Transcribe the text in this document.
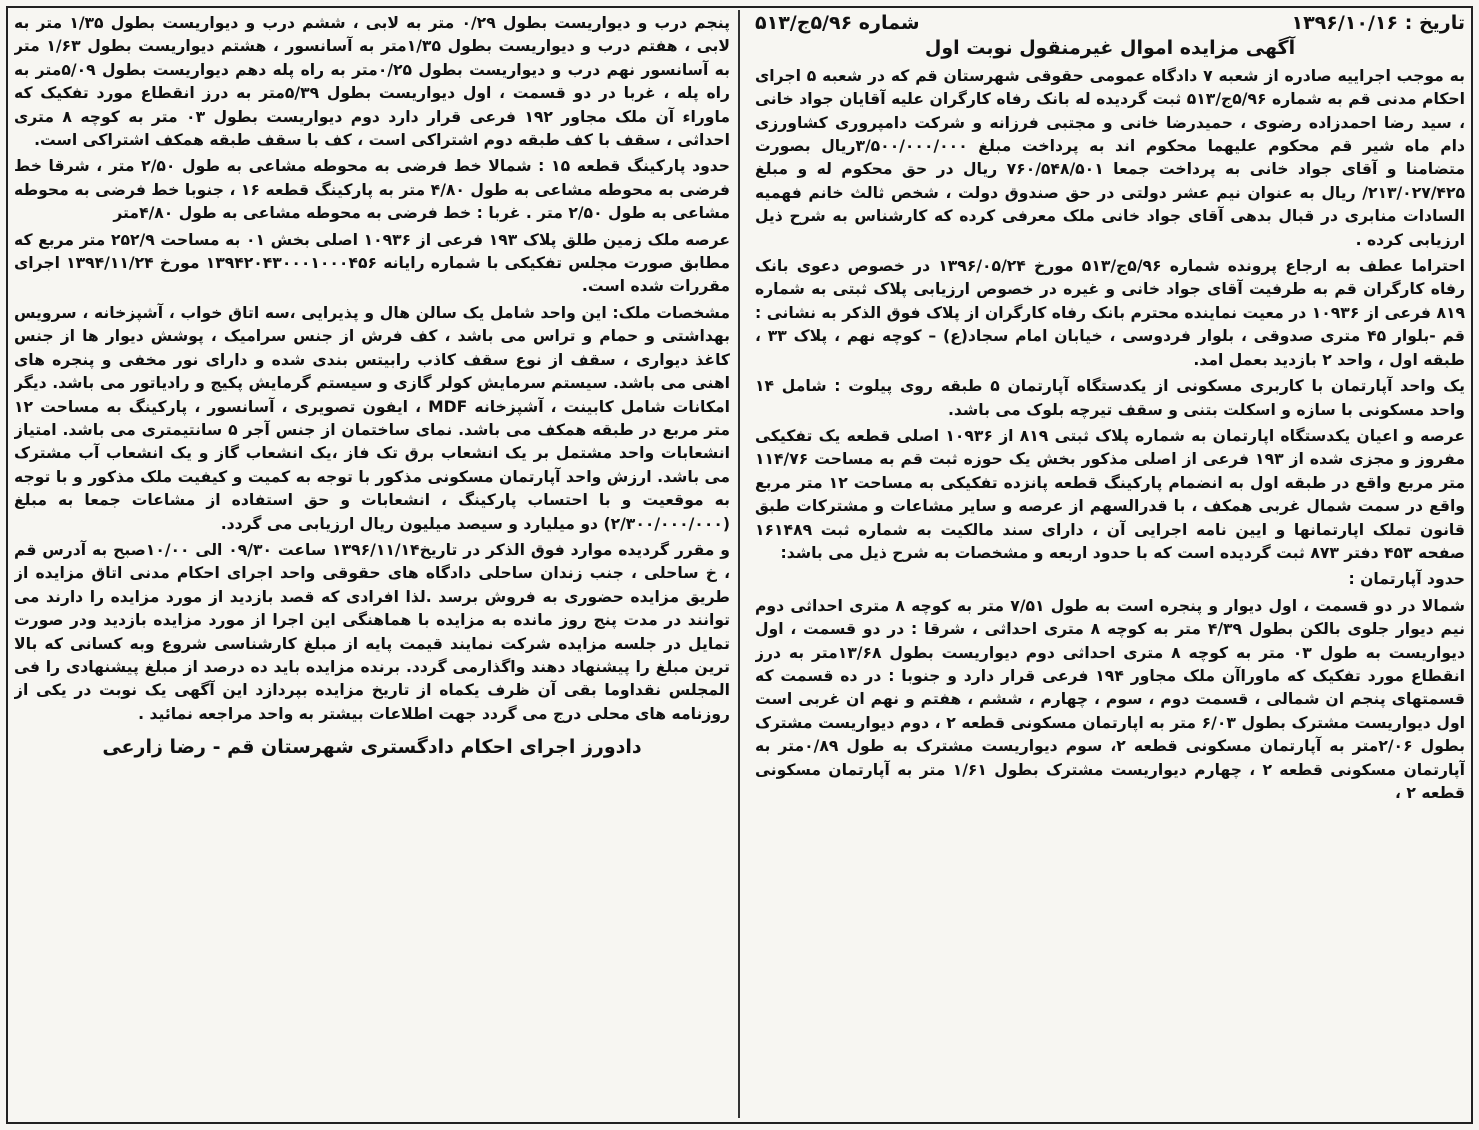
تاریخ : ۱۳۹۶/۱۰/۱۶
شماره ۵/۹۶ج/۵۱۳
آگهی مزایده اموال غیرمنقول نوبت اول

به موجب اجراییه صادره از شعبه ۷ دادگاه عمومی حقوقی شهرستان قم که در شعبه ۵ اجرای احکام مدنی قم به شماره ۵/۹۶ج/۵۱۳ ثبت گردیده له بانک رفاه کارگران علیه آقایان جواد خانی ، سید رضا احمدزاده رضوی ، حمیدرضا خانی و مجتبی فرزانه و شرکت دامپروری کشاورزی دام ماه شیر قم محکوم علیهما محکوم اند به پرداخت مبلغ ۳/۵۰۰/۰۰۰/۰۰۰ریال بصورت متضامنا و آقای جواد خانی به پرداخت جمعا ۷۶۰/۵۴۸/۵۰۱ ریال در حق محکوم له و مبلغ ۲۱۳/۰۲۷/۴۲۵/ ریال به عنوان نیم عشر دولتی در حق صندوق دولت ، شخص ثالث خانم فهمیه السادات منابری در قبال بدهی آقای جواد خانی ملک معرفی کرده که کارشناس به شرح ذیل ارزیابی کرده .

احتراما عطف به ارجاع پرونده شماره ۵/۹۶ج/۵۱۳ مورخ ۱۳۹۶/۰۵/۲۴ در خصوص دعوی بانک رفاه کارگران قم به طرفیت آقای جواد خانی و غیره در خصوص ارزیابی پلاک ثبتی به شماره ۸۱۹ فرعی از ۱۰۹۳۶ در معیت نماینده محترم بانک رفاه کارگران از پلاک فوق الذکر به نشانی : قم -بلوار ۴۵ متری صدوقی ، بلوار فردوسی ، خیابان امام سجاد(ع) – کوچه نهم ، پلاک ۳۳ ، طبقه اول ، واحد ۲ بازدید بعمل امد.

یک واحد آپارتمان با کاربری مسکونی از یکدستگاه آپارتمان ۵ طبقه روی پیلوت : شامل ۱۴ واحد مسکونی با سازه و اسکلت بتنی و سقف تیرچه بلوک می باشد.

عرصه و اعیان یکدستگاه اپارتمان به شماره پلاک ثبتی ۸۱۹ از ۱۰۹۳۶ اصلی قطعه یک تفکیکی مفروز و مجزی شده از ۱۹۳ فرعی از اصلی مذکور بخش یک حوزه ثبت قم به مساحت ۱۱۴/۷۶ متر مربع واقع در طبقه اول به انضمام پارکینگ قطعه پانزده تفکیکی به مساحت ۱۲ متر مربع واقع در سمت شمال غربی همکف ، با قدرالسهم از عرصه و سایر مشاعات و مشترکات طبق قانون تملک اپارتمانها و ایین نامه اجرایی آن ، دارای سند مالکیت به شماره ثبت ۱۶۱۴۸۹ صفحه ۴۵۳ دفتر ۸۷۳ ثبت گردیده است که با حدود اربعه و مشخصات به شرح ذیل می باشد:

حدود آپارتمان :

شمالا در دو قسمت ، اول دیوار و پنجره است به طول ۷/۵۱ متر به کوچه ۸ متری احداثی دوم نیم دیوار جلوی بالکن بطول ۴/۳۹ متر به کوچه ۸ متری احداثی ، شرقا : در دو قسمت ، اول دیواریست به طول ۰۳ متر به کوچه ۸ متری احداثی دوم دیواریست بطول ۱۳/۶۸متر به درز انقطاع مورد تفکیک که ماوراآن ملک مجاور ۱۹۴ فرعی قرار دارد و جنوبا : در ده قسمت که قسمتهای پنجم ان شمالی ، قسمت دوم ، سوم ، چهارم ، ششم ، هفتم و نهم ان غربی است اول دیواریست مشترک بطول ۶/۰۳ متر به اپارتمان مسکونی قطعه ۲ ، دوم دیواریست مشترک بطول ۲/۰۶متر به آپارتمان مسکونی قطعه ۲، سوم دیواریست مشترک به طول ۰/۸۹متر به آپارتمان مسکونی قطعه ۲ ، چهارم دیواریست مشترک بطول ۱/۶۱ متر به آپارتمان مسکونی قطعه ۲ ،

پنجم درب و دیواریست بطول ۰/۲۹ متر به لابی ، ششم درب و دیواریست بطول ۱/۳۵ متر به لابی ، هفتم درب و دیواریست بطول ۱/۳۵متر به آسانسور ، هشتم دیواریست بطول ۱/۶۳ متر به آسانسور نهم درب و دیواریست بطول ۰/۲۵متر به راه پله دهم دیواریست بطول ۵/۰۹متر به راه پله ، غربا در دو قسمت ، اول دیواریست بطول ۵/۳۹متر به درز انقطاع مورد تفکیک که ماوراء آن ملک مجاور ۱۹۲ فرعی قرار دارد دوم دیواریست بطول ۰۳ متر به کوچه ۸ متری احداثی ، سقف با کف طبقه دوم اشتراکی است ، کف با سقف طبقه همکف اشتراکی است.

حدود پارکینگ قطعه ۱۵ : شمالا خط فرضی به محوطه مشاعی به طول ۲/۵۰ متر ، شرقا خط فرضی به محوطه مشاعی به طول ۴/۸۰ متر به پارکینگ قطعه ۱۶ ، جنوبا خط فرضی به محوطه مشاعی به طول ۲/۵۰ متر . غربا : خط فرضی به محوطه مشاعی به طول ۴/۸۰متر

عرصه ملک زمین طلق پلاک ۱۹۳ فرعی از ۱۰۹۳۶ اصلی بخش ۰۱ به مساحت ۲۵۲/۹ متر مربع که مطابق صورت مجلس تفکیکی با شماره رایانه ۱۳۹۴۲۰۴۳۰۰۰۱۰۰۰۴۵۶ مورخ ۱۳۹۴/۱۱/۲۴ اجرای مقررات شده است.

مشخصات ملک: این واحد شامل یک سالن هال و پذیرایی ،سه اتاق خواب ، آشپزخانه ، سرویس بهداشتی و حمام و تراس می باشد ، کف فرش از جنس سرامیک ، پوشش دیوار ها از جنس کاغذ دیواری ، سقف از نوع سقف کاذب رابیتس بندی شده و دارای نور مخفی و پنجره های اهنی می باشد. سیستم سرمایش کولر گازی و سیستم گرمایش پکیج و رادیاتور می باشد. دیگر امکانات شامل کابینت ، آشپزخانه MDF ، ایفون تصویری ، آسانسور ، پارکینگ به مساحت ۱۲ متر مربع در طبقه همکف می باشد. نمای ساختمان از جنس آجر ۵ سانتیمتری می باشد. امتیاز انشعابات واحد مشتمل بر یک انشعاب برق تک فاز ،یک انشعاب گاز و یک انشعاب آب مشترک می باشد. ارزش واحد آپارتمان مسکونی مذکور با توجه به کمیت و کیفیت ملک مذکور و با توجه به موقعیت و با احتساب پارکینگ ، انشعابات و حق استفاده از مشاعات جمعا به مبلغ (۲/۳۰۰/۰۰۰/۰۰۰) دو میلیارد و سیصد میلیون ریال ارزیابی می گردد.

و مقرر گردیده موارد فوق الذکر در تاریخ۱۳۹۶/۱۱/۱۴ ساعت ۰۹/۳۰ الی ۱۰/۰۰صبح به آدرس قم ، خ ساحلی ، جنب زندان ساحلی دادگاه های حقوقی واحد اجرای احکام مدنی اتاق مزایده از طریق مزایده حضوری به فروش برسد .لذا افرادی که قصد بازدید از مورد مزایده را دارند می توانند در مدت پنج روز مانده به مزایده با هماهنگی این اجرا از مورد مزایده بازدید ودر صورت تمایل در جلسه مزایده شرکت نمایند قیمت پایه از مبلغ کارشناسی شروع وبه کسانی که بالا ترین مبلغ را پیشنهاد دهند واگذارمی گردد. برنده مزایده باید ده درصد از مبلغ پیشنهادی را فی المجلس نقداوما بقی آن ظرف یکماه از تاریخ مزایده بپردازد این آگهی یک نوبت در یکی از روزنامه های محلی درج می گردد جهت اطلاعات بیشتر به واحد مراجعه نمائید .

دادورز اجرای احکام دادگستری شهرستان قم - رضا زارعی
